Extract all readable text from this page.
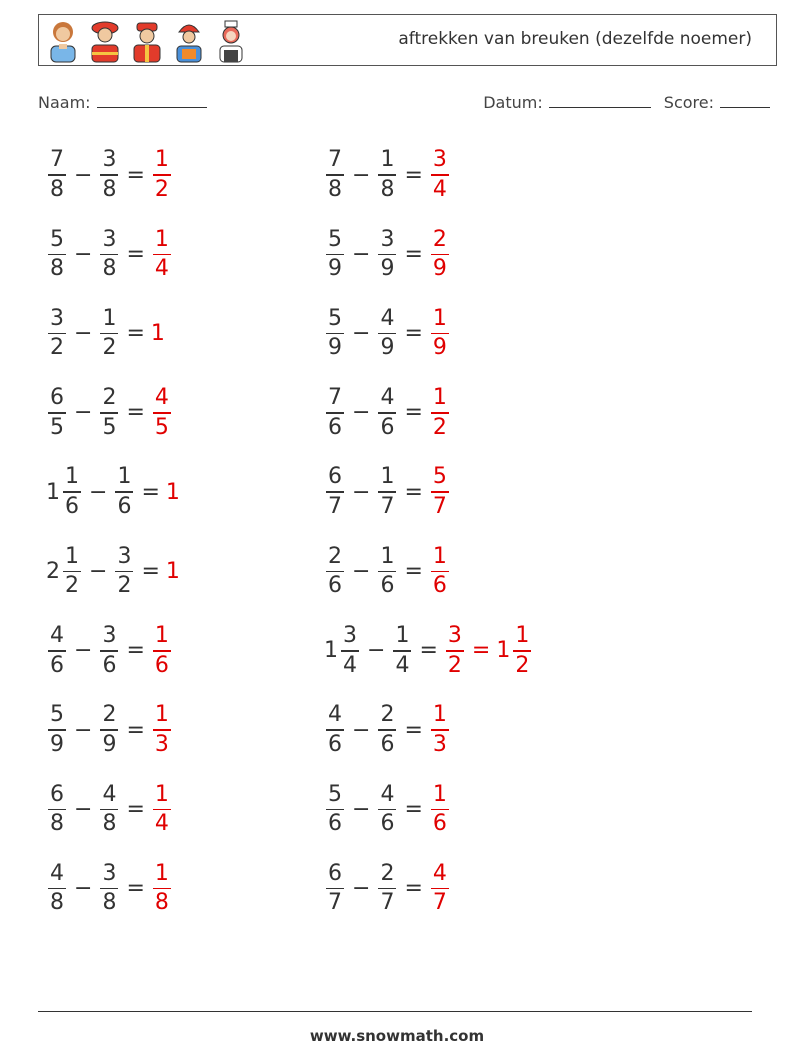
aftrekken van breuken (dezelfde noemer)
Naam:	Datum:	Score:
$\frac{7}{8} - \frac{3}{8} = \frac{1}{2}$	$\frac{7}{8} - \frac{1}{8} = \frac{3}{4}$
$\frac{5}{8} - \frac{3}{8} = \frac{1}{4}$	$\frac{5}{9} - \frac{3}{9} = \frac{2}{9}$
$\frac{3}{2} - \frac{1}{2} = 1$	$\frac{5}{9} - \frac{4}{9} = \frac{1}{9}$
$\frac{6}{5} - \frac{2}{5} = \frac{4}{5}$	$\frac{7}{6} - \frac{4}{6} = \frac{1}{2}$
$1 \frac{1}{6} - \frac{1}{6} = 1$	$\frac{6}{7} - \frac{1}{7} = \frac{5}{7}$
$2 \frac{1}{2} - \frac{3}{2} = 1$	$\frac{2}{6} - \frac{1}{6} = \frac{1}{6}$
$\frac{4}{6} - \frac{3}{6} = \frac{1}{6}$	$1 \frac{3}{4} - \frac{1}{4} = \frac{3}{2} = 1 \frac{1}{2}$
$\frac{5}{9} - \frac{2}{9} = \frac{1}{3}$	$\frac{4}{6} - \frac{2}{6} = \frac{1}{3}$
$\frac{6}{8} - \frac{4}{8} = \frac{1}{4}$	$\frac{5}{6} - \frac{4}{6} = \frac{1}{6}$
$\frac{4}{8} - \frac{3}{8} = \frac{1}{8}$	$\frac{6}{7} - \frac{2}{7} = \frac{4}{7}$
www.snowmath.com
